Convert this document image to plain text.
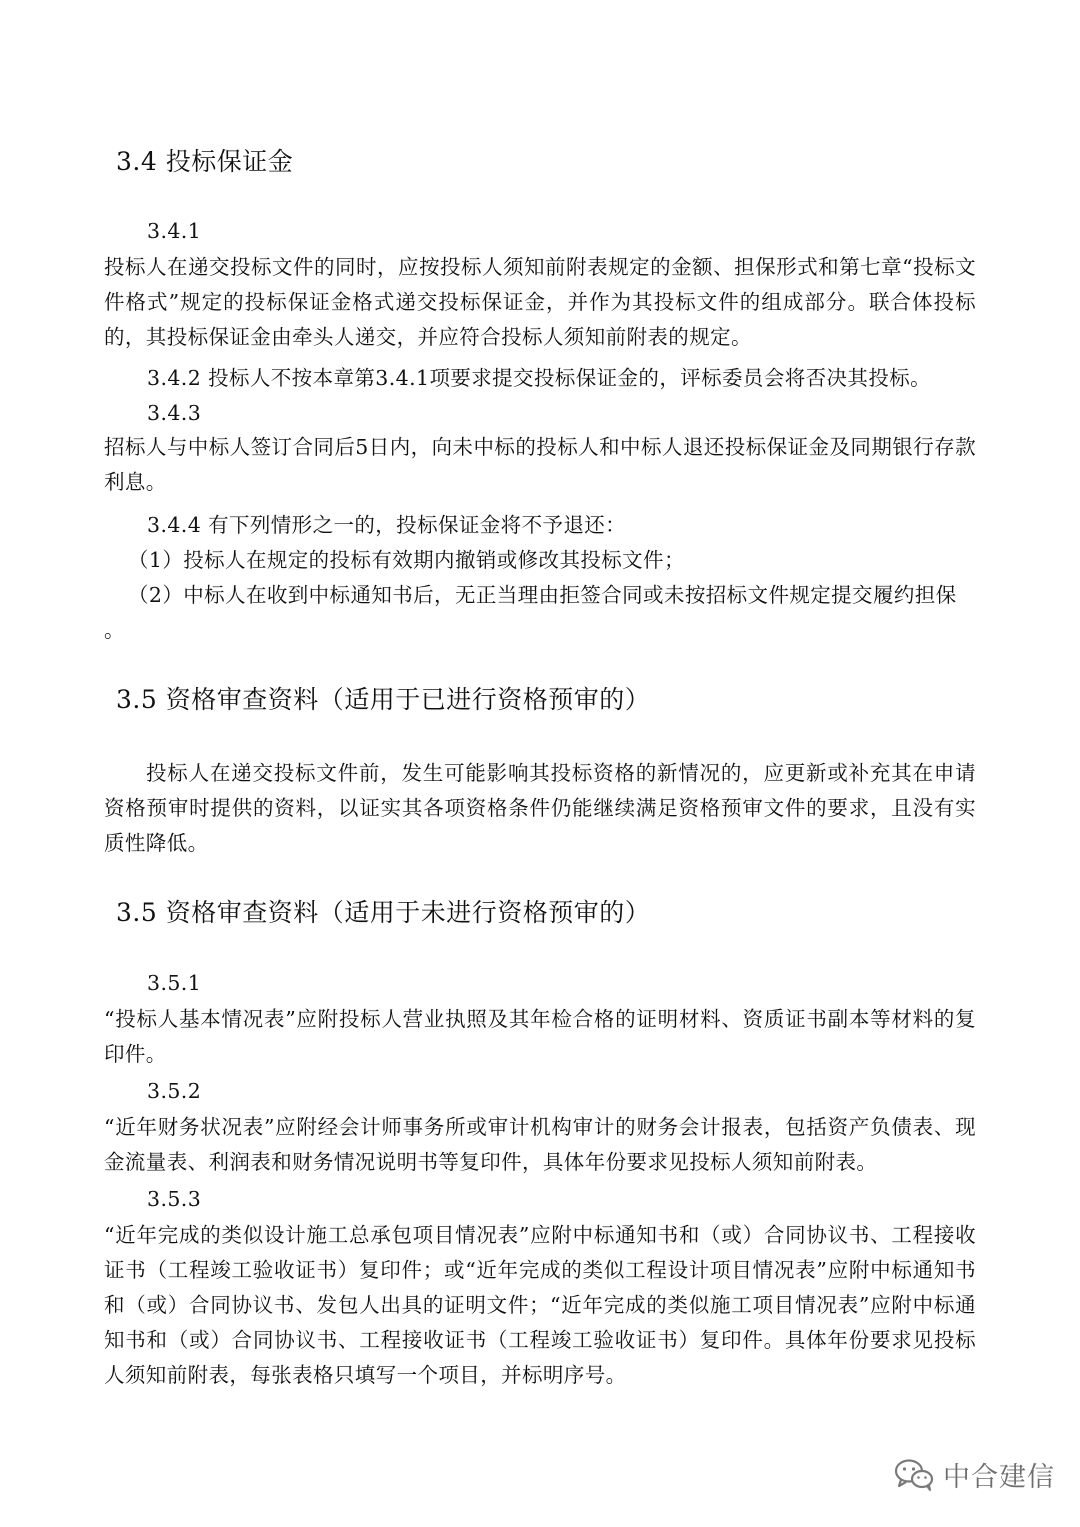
3.4 投标保证金
3.4.1
投标人在递交投标文件的同时，应按投标人须知前附表规定的金额、担保形式和第七章“投标文件格式”规定的投标保证金格式递交投标保证金，并作为其投标文件的组成部分。联合体投标的，其投标保证金由牵头人递交，并应符合投标人须知前附表的规定。
3.4.2 投标人不按本章第3.4.1项要求提交投标保证金的，评标委员会将否决其投标。
3.4.3
招标人与中标人签订合同后5日内，向未中标的投标人和中标人退还投标保证金及同期银行存款利息。
3.4.4 有下列情形之一的，投标保证金将不予退还：
（1）投标人在规定的投标有效期内撤销或修改其投标文件；
（2）中标人在收到中标通知书后，无正当理由拒签合同或未按招标文件规定提交履约担保
。
3.5 资格审查资料（适用于已进行资格预审的）
投标人在递交投标文件前，发生可能影响其投标资格的新情况的，应更新或补充其在申请资格预审时提供的资料，以证实其各项资格条件仍能继续满足资格预审文件的要求，且没有实质性降低。
3.5 资格审查资料（适用于未进行资格预审的）
3.5.1
“投标人基本情况表”应附投标人营业执照及其年检合格的证明材料、资质证书副本等材料的复印件。
3.5.2
“近年财务状况表”应附经会计师事务所或审计机构审计的财务会计报表，包括资产负债表、现金流量表、利润表和财务情况说明书等复印件，具体年份要求见投标人须知前附表。
3.5.3
“近年完成的类似设计施工总承包项目情况表”应附中标通知书和（或）合同协议书、工程接收证书（工程竣工验收证书）复印件；或“近年完成的类似工程设计项目情况表”应附中标通知书和（或）合同协议书、发包人出具的证明文件；“近年完成的类似施工项目情况表”应附中标通知书和（或）合同协议书、工程接收证书（工程竣工验收证书）复印件。具体年份要求见投标人须知前附表，每张表格只填写一个项目，并标明序号。
中合建信
